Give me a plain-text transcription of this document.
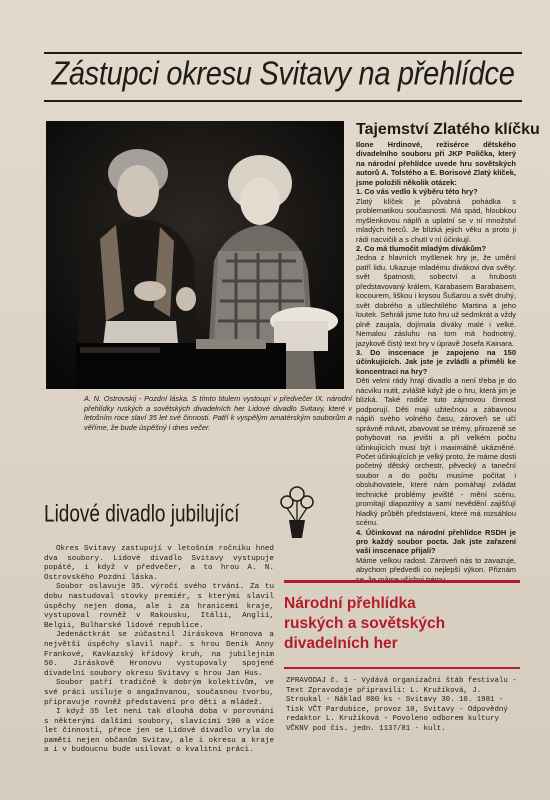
Zástupci okresu Svitavy na přehlídce
A. N. Ostrovskij - Pozdní láska. S tímto titulem vystoupí v předvečer IX. národní přehlídky ruských a sovětských divadelních her Lidové divadlo Svitavy, které v letošním roce slaví 35 let své činnosti. Patří k vyspělým amatérským souborům a věříme, že bude úspěšný i dnes večer.
Tajemství Zlatého klíčku

Ilone Hrdinové, režisérce dětského divadelního souboru při JKP Polička, který na národní přehlídce uvede hru sovětských autorů A. Tolstého a E. Borisové Zlatý klíček, jsme položili několik otázek:

1. Co vás vedlo k výběru této hry?

Zlatý klíček je půvabná pohádka s problematikou současnosti. Má spád, hloubkou myšlenkovou náplň a uplatní se v ní množství mladých herců. Je blízká jejich věku a proto ji rádi nacvičili a s chutí v ní účinkují.

2. Co má tlumočit mladým divákům?

Jedna z hlavních myšlenek hry je, že umění patří lidu. Ukazuje mladému divákovi dva světy: svět špatnosti, sobectví a hrubosti představovaný králem, Karabasem Barabasem, kocourem, liškou i krysou Šušarou a svět druhý, svět dobrého a ušlechtilého Martina a jeho loutek. Sehráli jsme tuto hru už sedmkrát a vždy plně zaujala, dojímala diváky malé i velké. Nemalou zásluhu na tom má hodnotný, jazykově čistý text hry v úpravě Josefa Kainara.

3. Do inscenace je zapojeno na 150 účinkujících. Jak jste je zvládli a přiměli ke koncentraci na hry?

Děti velmi rády hrají divadlo a není třeba je do nácviku nutit, zvláště když jde o hru, která jim je blízká. Také rodiče tuto zájmovou činnost podporují. Děti mají užitečnou a zábavnou náplň svého volného času, zároveň se učí správně mluvit, zbavovat se trémy, přirozeně se pohybovat na jevišti a při velkém počtu účinkujících musí být i maximálně ukázněné. Počet účinkujících je velký proto, že máme dosti početný dětský orchestr, pěvecký a taneční soubor a do počtu musíme počítat i obsluhovatele, které nám pomáhají zvládat technické problémy jeviště - mění scénu, promítají diapozitivy a samí nevědění zajišťují hladký průběh představení, které má rozsáhlou scénu.

4. Účinkovat na národní přehlídce RSDH je pro každý soubor pocta. Jak jste zařazení vaší inscenace přijali?

Máme velkou radost. Zároveň nás to zavazuje, abychom předvedli co nejlepší výkon. Přiznám se, že máme všichni trému.

Lidové divadlo jubilující

Okres Svitavy zastupují v letošním ročníku hned dva soubory. Lidové divadlo Svitavy vystupuje popáté, i když v předvečer, a to hrou A. N. Ostrovského Pozdní láska.

Soubor oslavuje 35. výročí svého trvání. Za tu dobu nastudoval stovky premiér, s kterými slavil úspěchy nejen doma, ale i za hranicemi kraje, vystupoval rovněž v Rakousku, Itálii, Anglii, Belgii, Bulharské lidové republice.

Jedenáctkrát se zúčastnil Jiráskova Hronova a největší úspěchy slavil např. s hrou Deník Anny Frankové, Kavkazský křídový kruh, na jubilejním 50. Jiráskově Hronovu vystupovaly spojené divadelní soubory okresu Svitavy s hrou Jan Hus.

Soubor patří tradičně k dobrým kolektivům, ve své práci usiluje o angažovanou, současnou tvorbu, připravuje rovněž představení pro děti a mládež.

I když 35 let není tak dlouhá doba v porovnání s některými dalšími soubory, slavícími 100 a více let činnosti, přece jen se Lidové divadlo vryla do paměti nejen občanům Svitav, ale i okresu a kraje a i v budoucnu bude usilovat o kvalitní práci.

Národní přehlídka
ruských a sovětských
divadelních her
ZPRAVODAJ č. 1 - Vydává organizační štáb festivalu - Text Zpravodaje připravili: L. Kružíková, J. Stroukal - Náklad 800 ks - Svitavy 30. 10. 1981 - Tisk VČT Pardubice, provoz 10, Svitavy - Odpovědný redaktor L. Kružíková - Povoleno odborem kultury VČKNV pod čís. jedn. 1137/81 - kult.
